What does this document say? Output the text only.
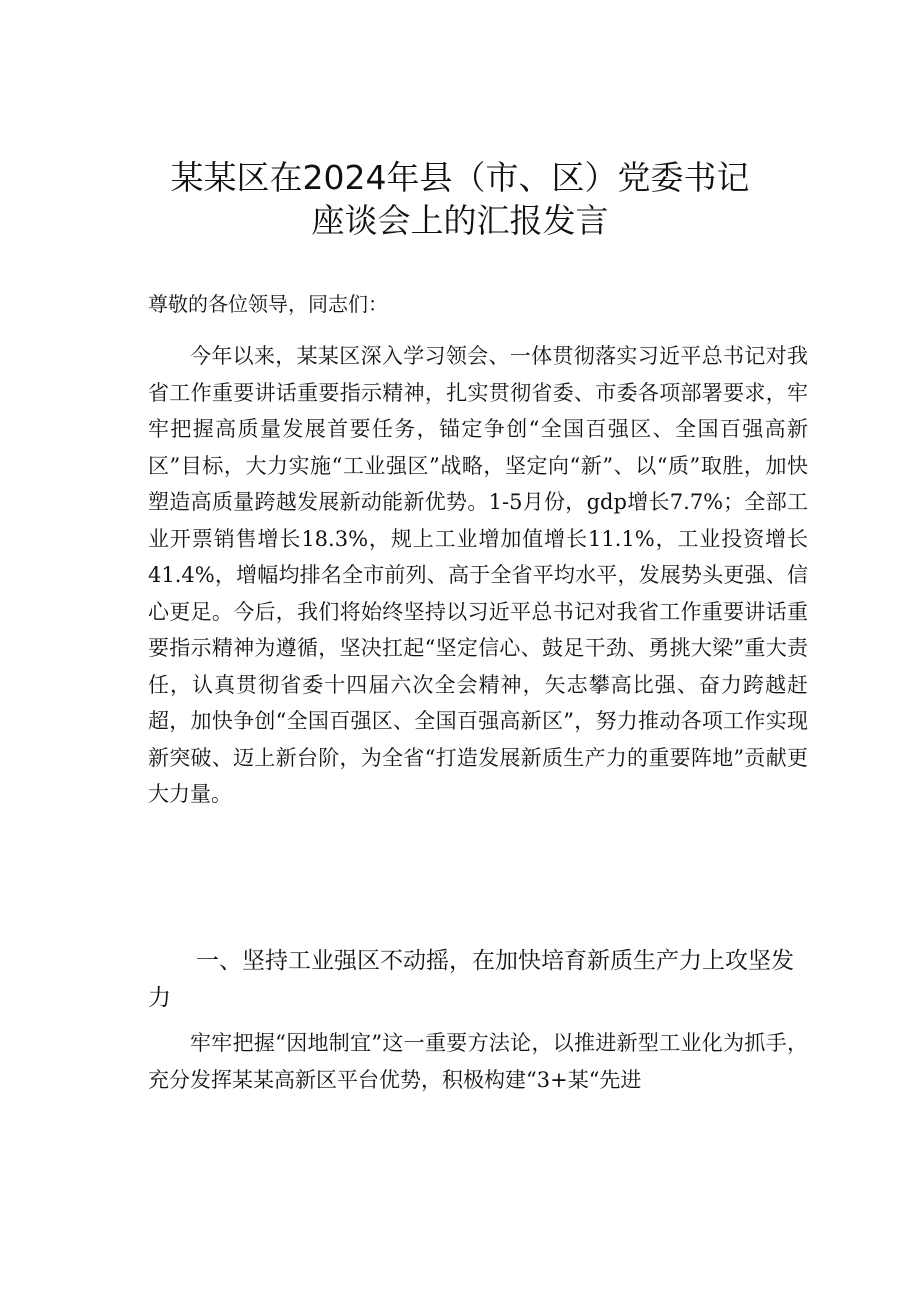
某某区在2024年县（市、区）党委书记
座谈会上的汇报发言
尊敬的各位领导，同志们：

今年以来，某某区深入学习领会、一体贯彻落实习近平总书记对我省工作重要讲话重要指示精神，扎实贯彻省委、市委各项部署要求，牢牢把握高质量发展首要任务，锚定争创“全国百强区、全国百强高新区”目标，大力实施“工业强区”战略，坚定向“新”、以“质”取胜，加快塑造高质量跨越发展新动能新优势。1-5月份，gdp增长7.7%；全部工业开票销售增长18.3%，规上工业增加值增长11.1%，工业投资增长41.4%，增幅均排名全市前列、高于全省平均水平，发展势头更强、信心更足。今后，我们将始终坚持以习近平总书记对我省工作重要讲话重要指示精神为遵循，坚决扛起“坚定信心、鼓足干劲、勇挑大梁”重大责任，认真贯彻省委十四届六次全会精神，矢志攀高比强、奋力跨越赶超，加快争创“全国百强区、全国百强高新区”，努力推动各项工作实现新突破、迈上新台阶，为全省“打造发展新质生产力的重要阵地”贡献更大力量。

一、坚持工业强区不动摇，在加快培育新质生产力上攻坚发力

牢牢把握“因地制宜”这一重要方法论，以推进新型工业化为抓手，充分发挥某某高新区平台优势，积极构建“3+某“先进
